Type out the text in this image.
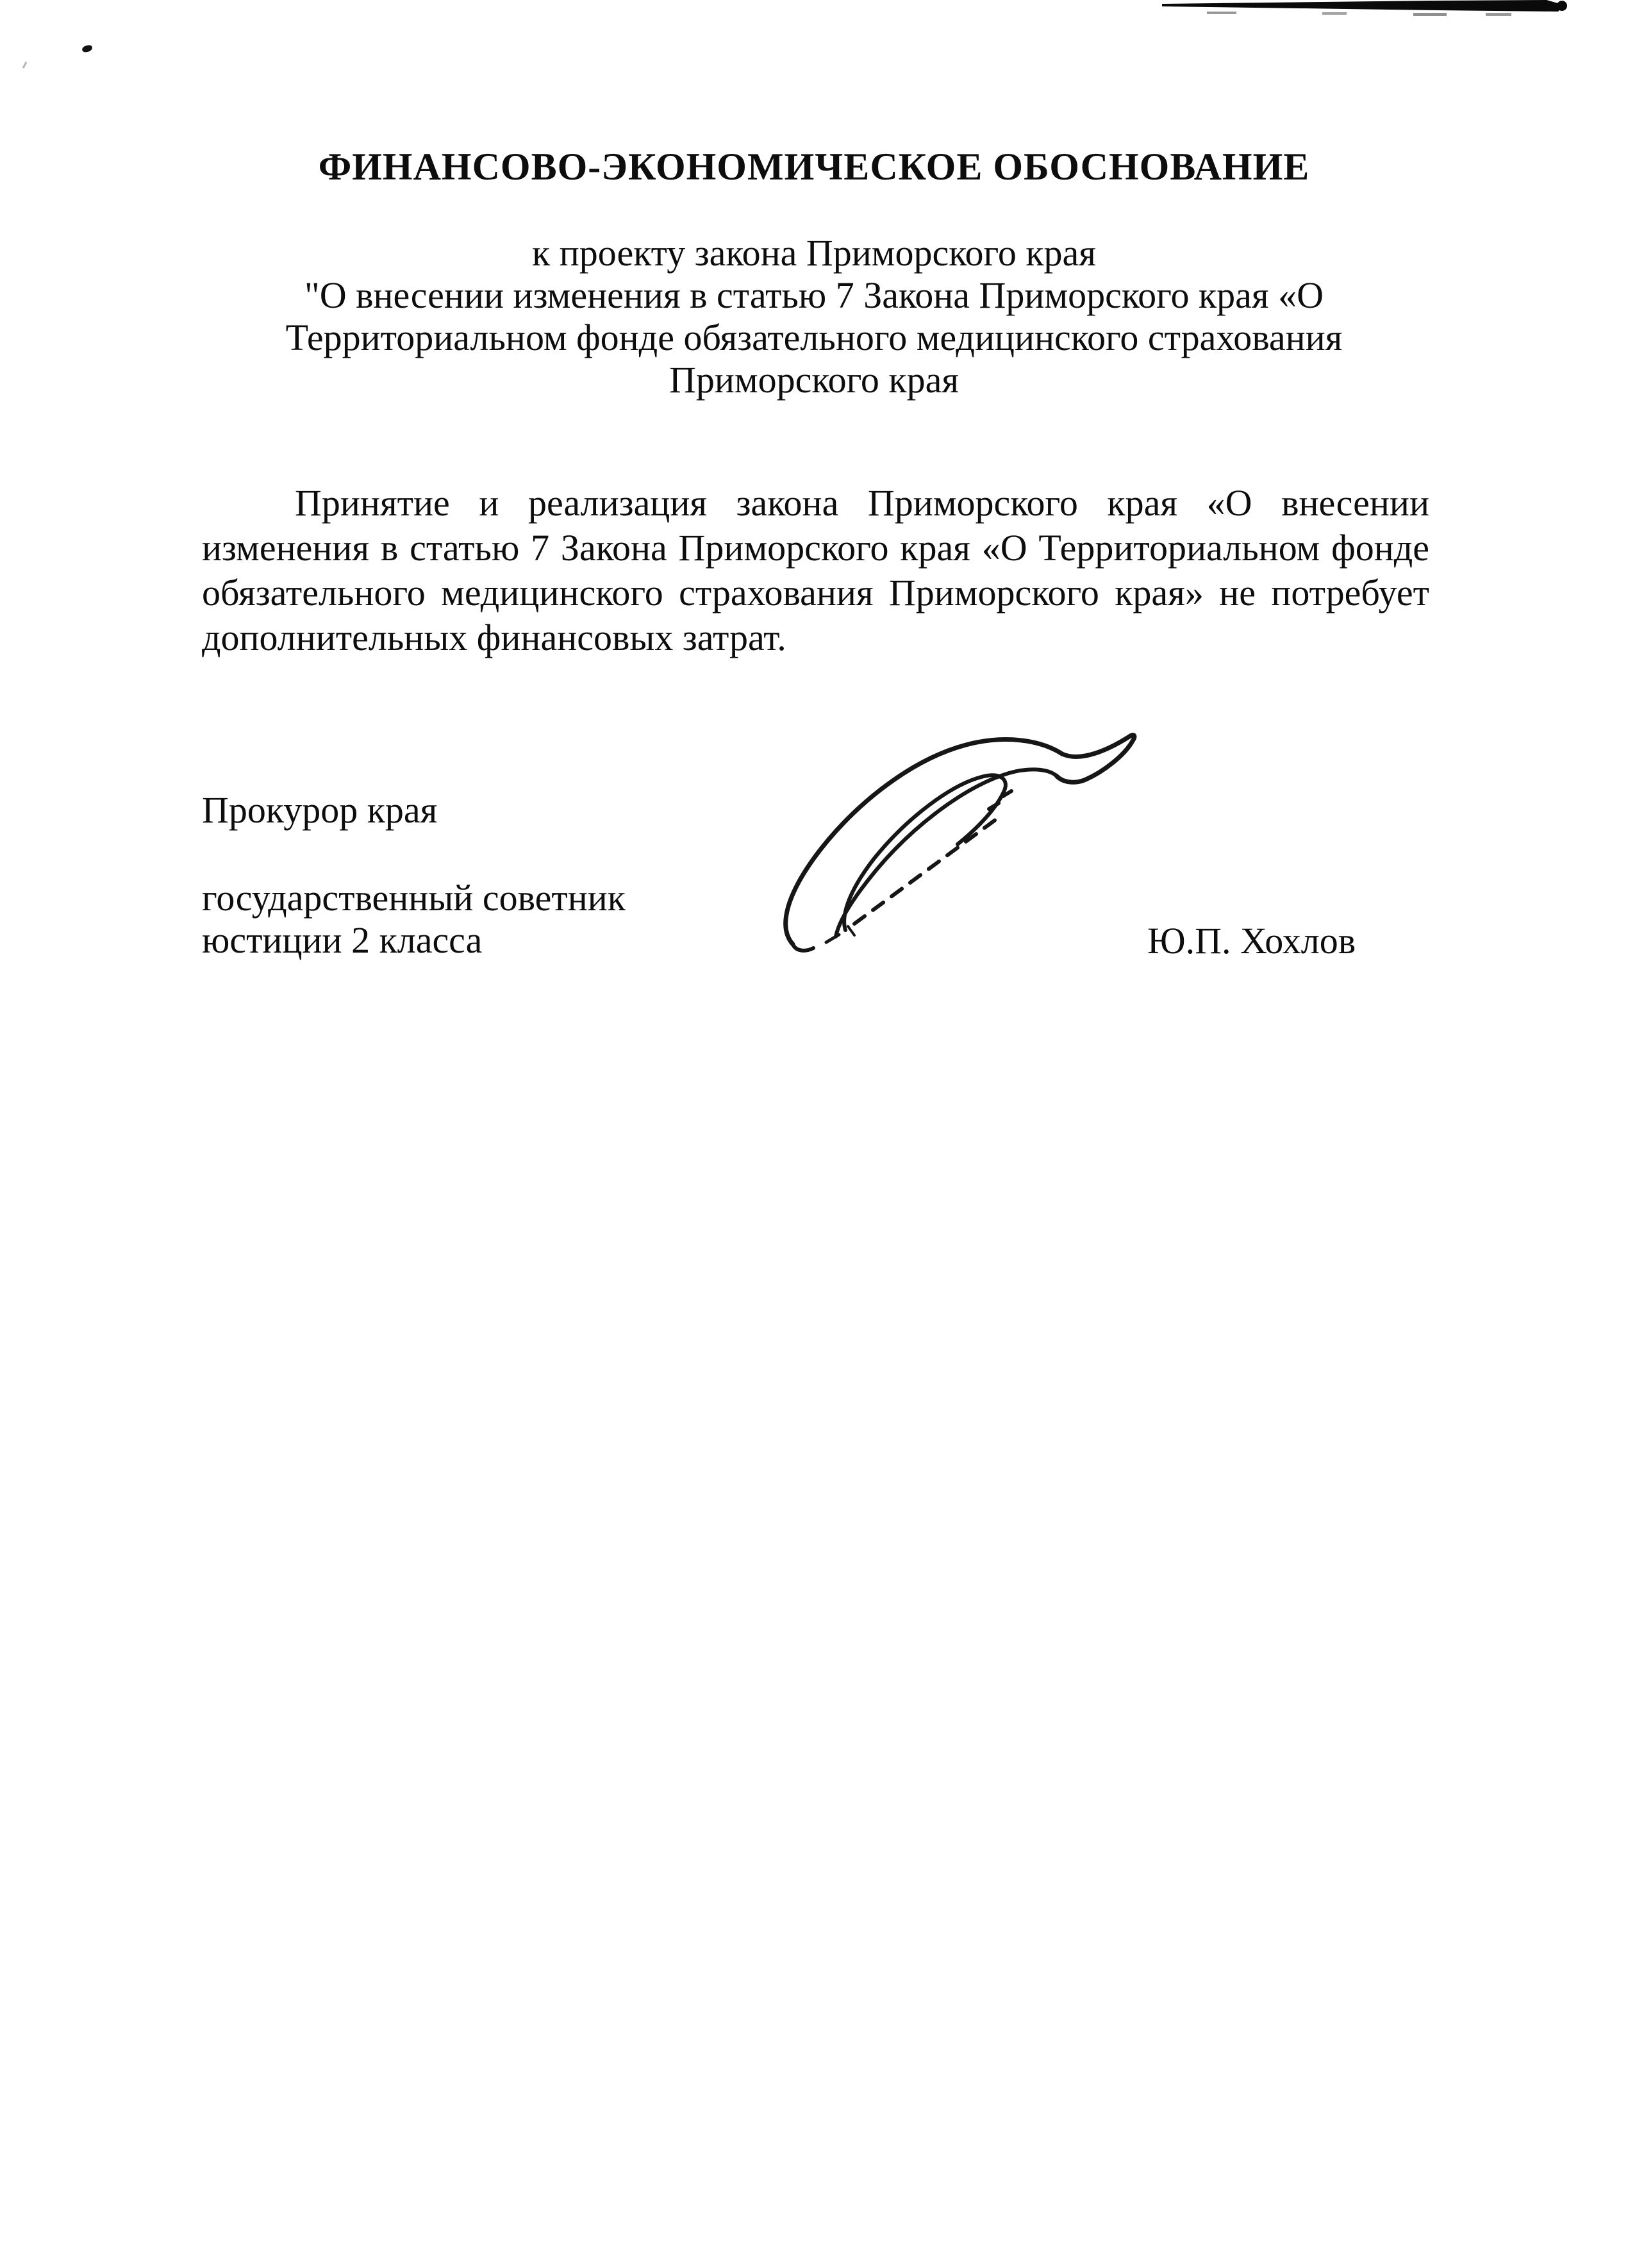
ФИНАНСОВО-ЭКОНОМИЧЕСКОЕ ОБОСНОВАНИЕ
к проекту закона Приморского края
"О внесении изменения в статью 7 Закона Приморского края «О
Территориальном фонде обязательного медицинского страхования
Приморского края
Принятие и реализация закона Приморского края «О внесении
изменения в статью 7 Закона Приморского края «О Территориальном фонде
обязательного медицинского страхования Приморского края» не потребует
дополнительных финансовых затрат.
Прокурор края
государственный советник
юстиции 2 класса	Ю.П. Хохлов
